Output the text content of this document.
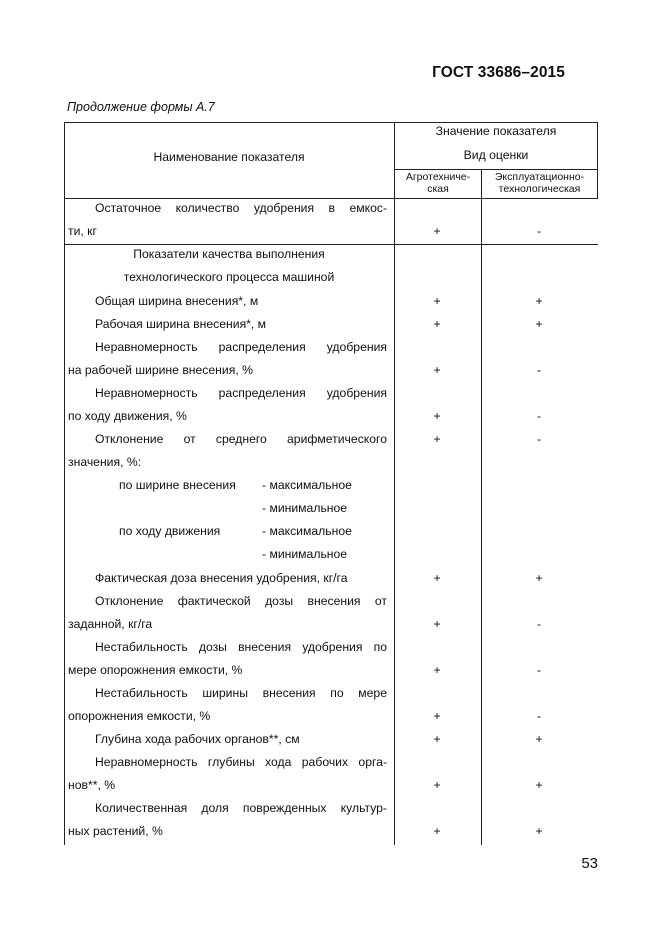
ГОСТ 33686–2015
Продолжение формы А.7
Наименование показателя
Значение показателя
Вид оценки
Агротехниче-
ская
Эксплуатационно-
технологическая
Остаточное количество удобрения в емкос-
ти, кг	+	-
Показатели качества выполнения
технологического процесса машиной
Общая ширина внесения*, м	+	+
Рабочая ширина внесения*, м	+	+
Неравномерность распределения удобрения
на рабочей ширине внесения, %	+	-
Неравномерность распределения удобрения
по ходу движения, %	+	-
Отклонение от среднего арифметического
значения, %:
+	-
по ширине внесения - максимальное
- минимальное
по ходу движения	- максимальное
- минимальное
Фактическая доза внесения удобрения, кг/га	+	+
Отклонение фактической дозы внесения от
заданной, кг/га	+	-
Нестабильность дозы внесения удобрения по
мере опорожнения емкости, %	+	-
Нестабильность ширины внесения по мере
опорожнения емкости, %	+	-
Глубина хода рабочих органов**, см	+	+
Неравномерность глубины хода рабочих орга-
нов**, %	+	+
Количественная доля поврежденных культур-
ных растений, %	+	+
53
